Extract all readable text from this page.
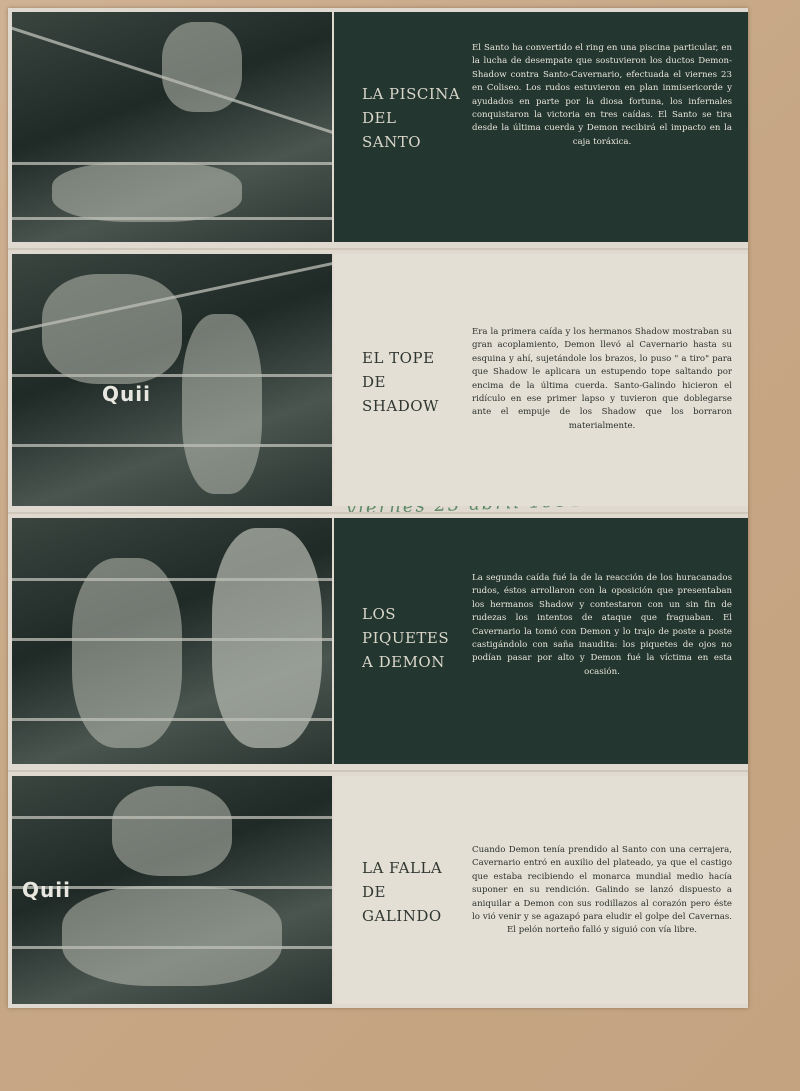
LA PISCINA
DEL
SANTO
El Santo ha convertido el ring en una piscina particular, en la lucha de desempate que sostuvieron los ductos Demon-Shadow contra Santo-Cavernario, efectuada el viernes 23 en Coliseo. Los rudos estuvieron en plan inmisericorde y ayudados en parte por la diosa fortuna, los infernales conquistaron la victoria en tres caídas. El Santo se tira desde la última cuerda y Demon recibirá el impacto en la caja toráxica.
Quii
EL TOPE
DE
SHADOW
Era la primera caída y los hermanos Shadow mostraban su gran acoplamiento, Demon llevó al Cavernario hasta su esquina y ahí, sujetándole los brazos, lo puso " a tiro" para que Shadow le aplicara un estupendo tope saltando por encima de la última cuerda. Santo-Galindo hicieron el ridículo en ese primer lapso y tuvieron que doblegarse ante el empuje de los Shadow que los borraron materialmente.
LOS
PIQUETES
A DEMON
La segunda caída fué la de la reacción de los huracanados rudos, éstos arrollaron con la oposición que presentaban los hermanos Shadow y contestaron con un sin fin de rudezas los intentos de ataque que fraguaban. El Cavernario la tomó con Demon y lo trajo de poste a poste castigándolo con saña inaudita: los piquetes de ojos no podían pasar por alto y Demon fué la víctima en esta ocasión.
Quii
LA FALLA
DE
GALINDO
Cuando Demon tenía prendido al Santo con una cerrajera, Cavernario entró en auxilio del plateado, ya que el castigo que estaba recibiendo el monarca mundial medio hacía suponer en su rendición. Galindo se lanzó dispuesto a aniquilar a Demon con sus rodillazos al corazón pero éste lo vió venir y se agazapó para eludir el golpe del Cavernas. El pelón norteño falló y siguió con vía libre.
